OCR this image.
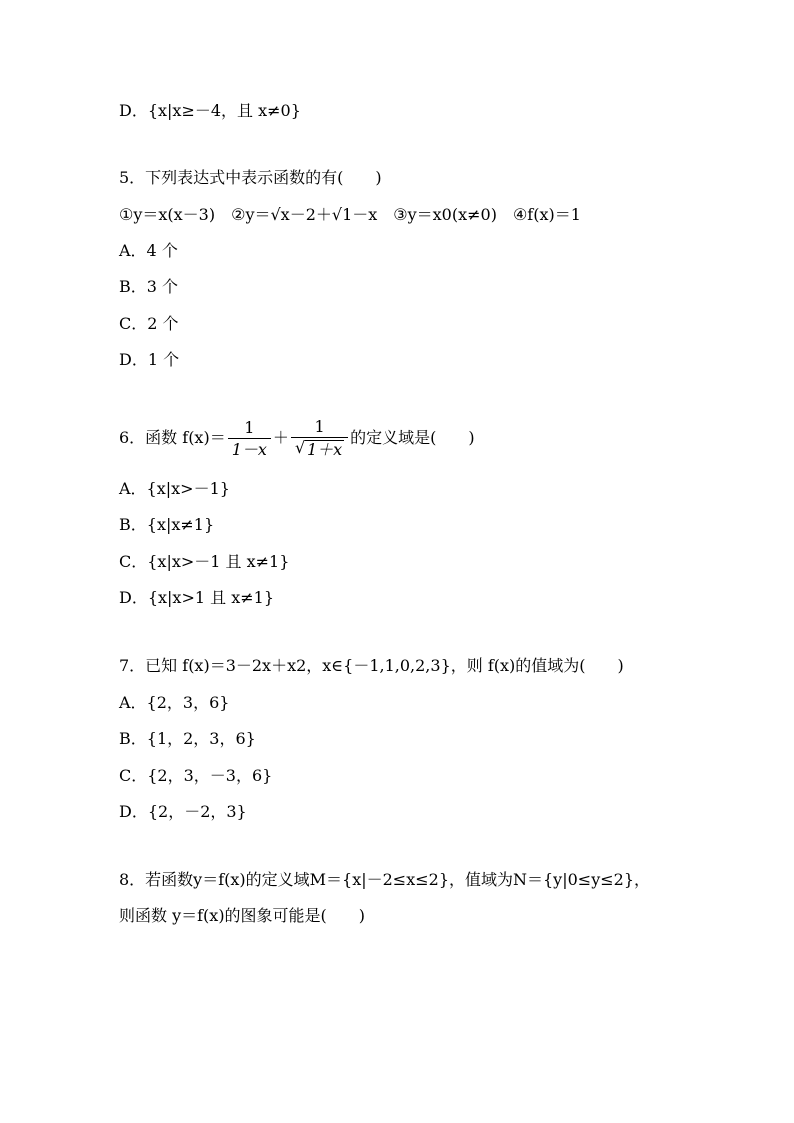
D．{x|x≥－4，且 x≠0}
5．下列表达式中表示函数的有(　　)
①y＝x(x－3)　②y＝√x－2＋√1－x　③y＝x0(x≠0)　④f(x)＝1
A．4 个
B．3 个
C．2 个
D．1 个
6．函数 $f(x)= \frac{1}{1-x} + \frac{1}{√ 1+x}$ 的定义域是(　　)
A．{x|x>－1}
B．{x|x≠1}
C．{x|x>－1 且 x≠1}
D．{x|x>1 且 x≠1}
7．已知 f(x)＝3－2x＋x2，x∈{－1,1,0,2,3}，则 f(x)的值域为(　　)
A．{2，3，6}
B．{1，2，3，6}
C．{2，3，－3，6}
D．{2，－2，3}
8．若函数y＝f(x)的定义域M＝{x|－2≤x≤2}，值域为N＝{y|0≤y≤2}，
则函数 y＝f(x)的图象可能是(　　)
